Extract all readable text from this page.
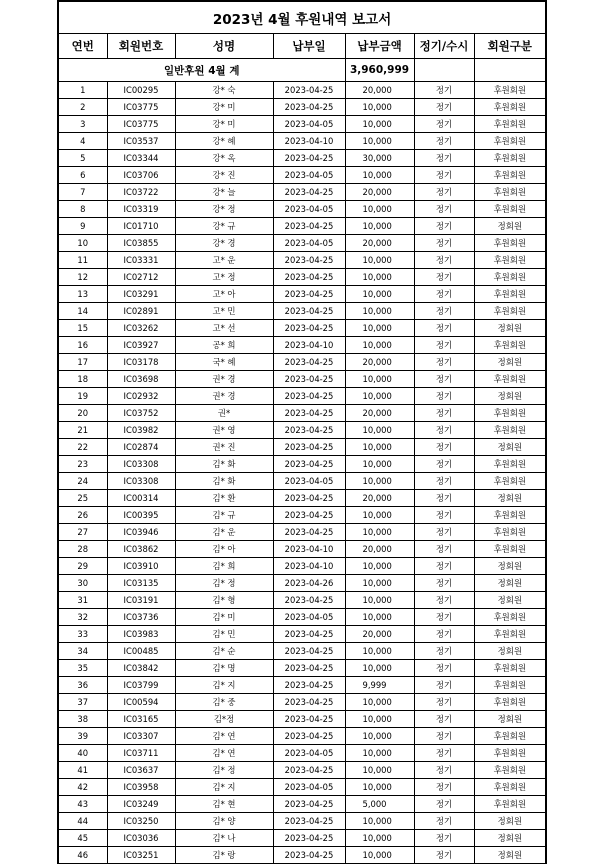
2023년 4월 후원내역 보고서						
연번	회원번호	성명	납부일	납부금액	정기/수시	회원구분
일반후원 4월 계				3,960,999		
1	IC00295	강* 숙	2023-04-25	20,000	정기	후원회원
2	IC03775	강* 미	2023-04-25	10,000	정기	후원회원
3	IC03775	강* 미	2023-04-05	10,000	정기	후원회원
4	IC03537	강* 혜	2023-04-10	10,000	정기	후원회원
5	IC03344	강* 옥	2023-04-25	30,000	정기	후원회원
6	IC03706	강* 진	2023-04-05	10,000	정기	후원회원
7	IC03722	강* 늘	2023-04-25	20,000	정기	후원회원
8	IC03319	강* 정	2023-04-05	10,000	정기	후원회원
9	IC01710	강* 규	2023-04-25	10,000	정기	정회원
10	IC03855	강* 경	2023-04-05	20,000	정기	후원회원
11	IC03331	고* 운	2023-04-25	10,000	정기	후원회원
12	IC02712	고* 정	2023-04-25	10,000	정기	후원회원
13	IC03291	고* 아	2023-04-25	10,000	정기	후원회원
14	IC02891	고* 민	2023-04-25	10,000	정기	후원회원
15	IC03262	고* 선	2023-04-25	10,000	정기	정회원
16	IC03927	공* 희	2023-04-10	10,000	정기	후원회원
17	IC03178	국* 혜	2023-04-25	20,000	정기	정회원
18	IC03698	권* 경	2023-04-25	10,000	정기	후원회원
19	IC02932	권* 경	2023-04-25	10,000	정기	정회원
20	IC03752	권*	2023-04-25	20,000	정기	후원회원
21	IC03982	권* 영	2023-04-25	10,000	정기	후원회원
22	IC02874	권* 진	2023-04-25	10,000	정기	정회원
23	IC03308	김* 화	2023-04-25	10,000	정기	후원회원
24	IC03308	김* 화	2023-04-05	10,000	정기	후원회원
25	IC00314	김* 환	2023-04-25	20,000	정기	정회원
26	IC00395	김* 규	2023-04-25	10,000	정기	후원회원
27	IC03946	김* 운	2023-04-25	10,000	정기	후원회원
28	IC03862	김* 아	2023-04-10	20,000	정기	후원회원
29	IC03910	김* 희	2023-04-10	10,000	정기	정회원
30	IC03135	김* 정	2023-04-26	10,000	정기	정회원
31	IC03191	김* 형	2023-04-25	10,000	정기	정회원
32	IC03736	김* 미	2023-04-05	10,000	정기	후원회원
33	IC03983	김* 민	2023-04-25	20,000	정기	후원회원
34	IC00485	김* 순	2023-04-25	10,000	정기	정회원
35	IC03842	김* 명	2023-04-25	10,000	정기	후원회원
36	IC03799	김* 지	2023-04-25	9,999	정기	후원회원
37	IC00594	김* 중	2023-04-25	10,000	정기	후원회원
38	IC03165	김*정	2023-04-25	10,000	정기	정회원
39	IC03307	김* 연	2023-04-25	10,000	정기	후원회원
40	IC03711	김* 연	2023-04-05	10,000	정기	후원회원
41	IC03637	김* 정	2023-04-25	10,000	정기	후원회원
42	IC03958	김* 지	2023-04-05	10,000	정기	후원회원
43	IC03249	김* 현	2023-04-25	5,000	정기	후원회원
44	IC03250	김* 양	2023-04-25	10,000	정기	정회원
45	IC03036	김* 나	2023-04-25	10,000	정기	정회원
46	IC03251	김* 랑	2023-04-25	10,000	정기	정회원
